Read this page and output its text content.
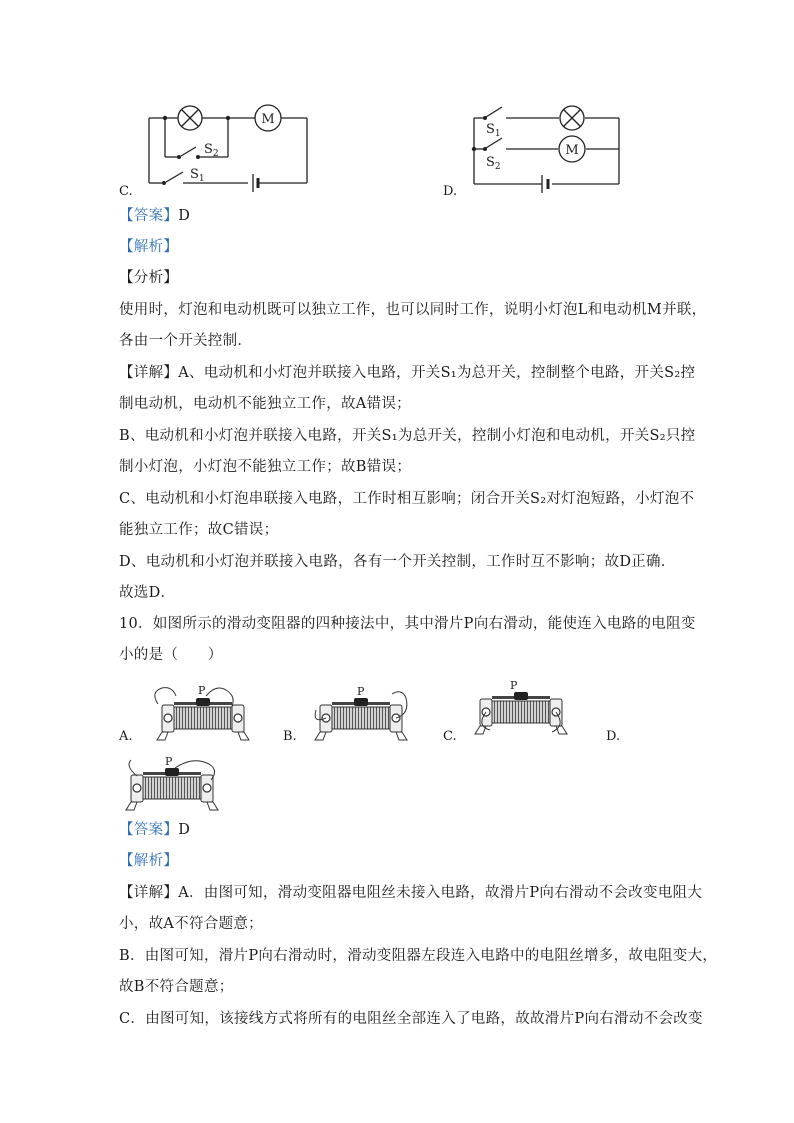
C.
M
$S_2$
$S_1$
D.
M
$S_1$
$S_2$
【答案】D
【解析】
【分析】
使用时，灯泡和电动机既可以独立工作，也可以同时工作，说明小灯泡L和电动机M并联，
各由一个开关控制．
【详解】A、电动机和小灯泡并联接入电路，开关S₁为总开关，控制整个电路，开关S₂控
制电动机，电动机不能独立工作，故A错误；
B、电动机和小灯泡并联接入电路，开关S₁为总开关，控制小灯泡和电动机，开关S₂只控
制小灯泡，小灯泡不能独立工作；故B错误；
C、电动机和小灯泡串联接入电路，工作时相互影响；闭合开关S₂对灯泡短路，小灯泡不
能独立工作；故C错误；
D、电动机和小灯泡并联接入电路，各有一个开关控制，工作时互不影响；故D正确．
故选D．
10．如图所示的滑动变阻器的四种接法中，其中滑片P向右滑动，能使连入电路的电阻变
小的是（　　）
A.
P
B.
P
C.
P
D.
P
【答案】D
【解析】
【详解】A．由图可知，滑动变阻器电阻丝未接入电路，故滑片P向右滑动不会改变电阻大
小，故A不符合题意；
B．由图可知，滑片P向右滑动时，滑动变阻器左段连入电路中的电阻丝增多，故电阻变大，
故B不符合题意；
C．由图可知，该接线方式将所有的电阻丝全部连入了电路，故故滑片P向右滑动不会改变
